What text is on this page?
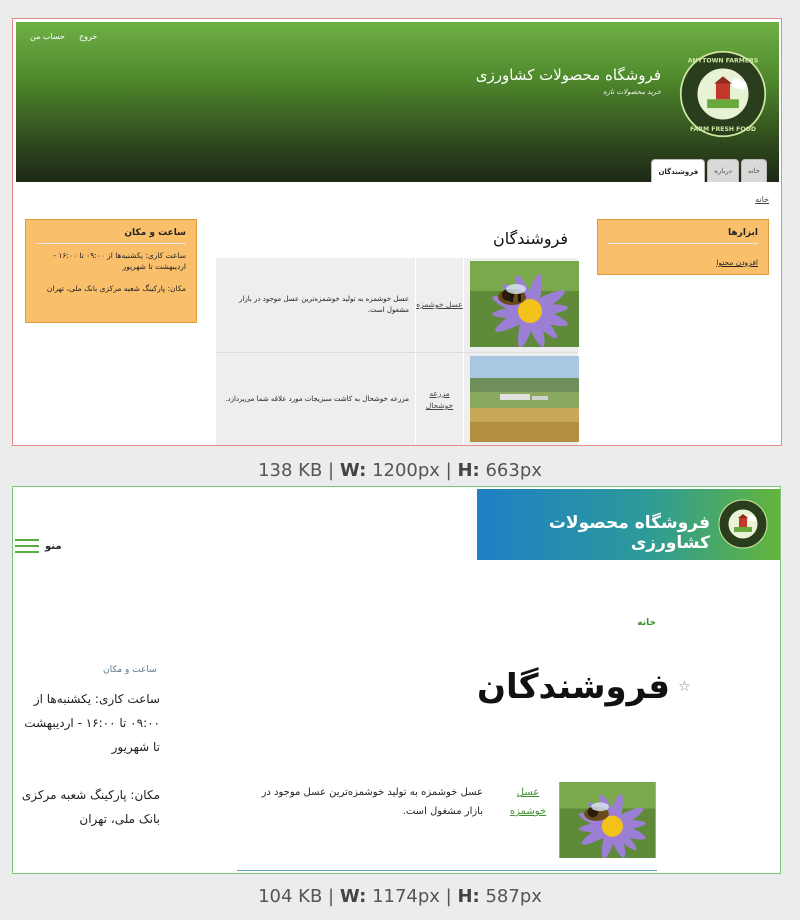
حساب من خروج
ANYTOWN FARMERS
FARM FRESH FOOD
فروشگاه محصولات کشاورزی
خرید محصولات تازه
خانه
درباره
فروشندگان
خانه
ابزارها
افزودن محتوا
ساعت و مکان

ساعت کاری: یکشنبه‌ها از ۰۹:۰۰ تا ۱۶:۰۰ - اردیبهشت تا شهریور

مکان: پارکینگ شعبه مرکزی بانک ملی، تهران

فروشندگان
عسل خوشمزه
عسل خوشمزه به تولید خوشمزه‌ترین عسل موجود در بازار مشغول است.
مزرعه خوشحال
مزرعه خوشحال به کاشت سبزیجات مورد علاقه شما می‌پردازد.
138 KB | W: 1200px | H: 663px
فروشگاه محصولات کشاورزی
منو
خانه
ساعت و مکان
ساعت کاری: یکشنبه‌ها از ۰۹:۰۰ تا ۱۶:۰۰ - اردیبهشت تا شهریور
مکان: پارکینگ شعبه مرکزی بانک ملی، تهران
فروشندگان ☆
عسل خوشمزه
عسل خوشمزه به تولید خوشمزه‌ترین عسل موجود در بازار مشغول است.
104 KB | W: 1174px | H: 587px
